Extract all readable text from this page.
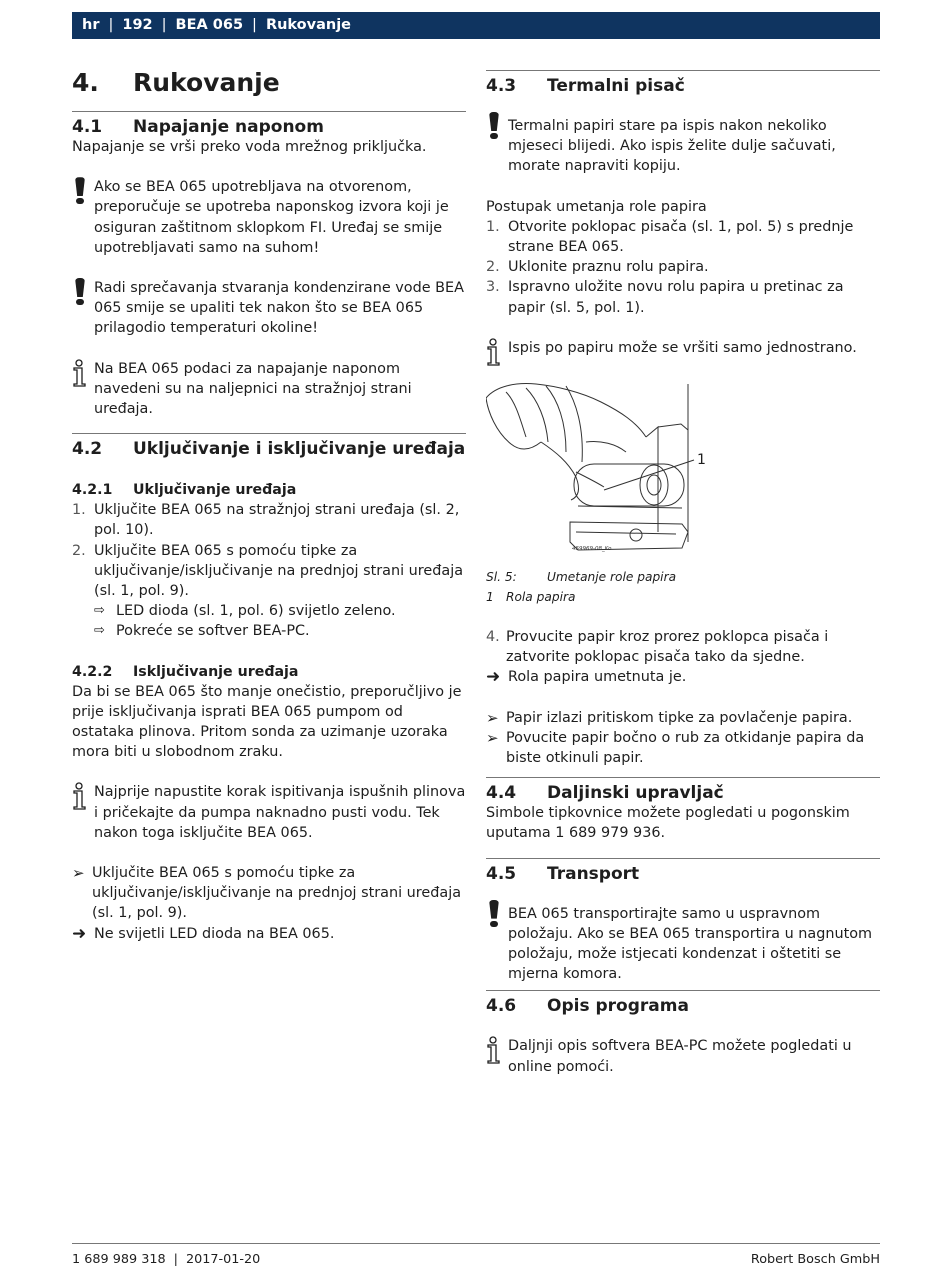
hr | 192 | BEA 065 | Rukovanje
4.	Rukovanje
4.1	Napajanje naponom

Napajanje se vrši preko voda mrežnog priključka.

Ako se BEA 065 upotrebljava na otvorenom, preporučuje se upotreba naponskog izvora koji je osiguran zaštitnom sklopkom FI. Uređaj se smije upotrebljavati samo na suhom!
Radi sprečavanja stvaranja kondenzirane vode BEA 065 smije se upaliti tek nakon što se BEA 065 prilagodio temperaturi okoline!
Na BEA 065 podaci za napajanje naponom navedeni su na naljepnici na stražnjoj strani uređaja.
4.2	Uključivanje i isključivanje uređaja
4.2.1	Uključivanje uređaja
1. Uključite BEA 065 na stražnjoj strani uređaja (sl. 2, pol. 10).
2. Uključite BEA 065 s pomoću tipke za uključivanje/isključivanje na prednjoj strani uređaja (sl. 1, pol. 9).
⇨ LED dioda (sl. 1, pol. 6) svijetlo zeleno.
⇨ Pokreće se softver BEA-PC.
4.2.2	Isključivanje uređaja

Da bi se BEA 065 što manje onečistio, preporučljivo je prije isključivanja isprati BEA 065 pumpom od ostataka plinova. Pritom sonda za uzimanje uzoraka mora biti u slobodnom zraku.

Najprije napustite korak ispitivanja ispušnih plinova i pričekajte da pumpa naknadno pusti vodu. Tek nakon toga isključite BEA 065.
➢ Uključite BEA 065 s pomoću tipke za uključivanje/isključivanje na prednjoj strani uređaja (sl. 1, pol. 9).
➜ Ne svijetli LED dioda na BEA 065.
4.3	Termalni pisač
Termalni papiri stare pa ispis nakon nekoliko mjeseci blijedi. Ako ispis želite dulje sačuvati, morate napraviti kopiju.

Postupak umetanja role papira

1. Otvorite poklopac pisača (sl. 1, pol. 5) s prednje strane BEA 065.
2. Uklonite praznu rolu papira.
3. Ispravno uložite novu rolu papira u pretinac za papir (sl. 5, pol. 1).
Ispis po papiru može se vršiti samo jednostrano.
1
459969-08_Ko
Sl. 5:	Umetanje role papira
1	Rola papira
4. Provucite papir kroz prorez poklopca pisača i zatvorite poklopac pisača tako da sjedne.
➜ Rola papira umetnuta je.
➢ Papir izlazi pritiskom tipke za povlačenje papira.
➢ Povucite papir bočno o rub za otkidanje papira da biste otkinuli papir.
4.4	Daljinski upravljač

Simbole tipkovnice možete pogledati u pogonskim uputama 1 689 979 936.

4.5	Transport
BEA 065 transportirajte samo u uspravnom položaju. Ako se BEA 065 transportira u nagnutom položaju, može istjecati kondenzat i oštetiti se mjerna komora.
4.6	Opis programa
Daljnji opis softvera BEA-PC možete pogledati u online pomoći.
1 689 989 318 | 2017-01-20	Robert Bosch GmbH
